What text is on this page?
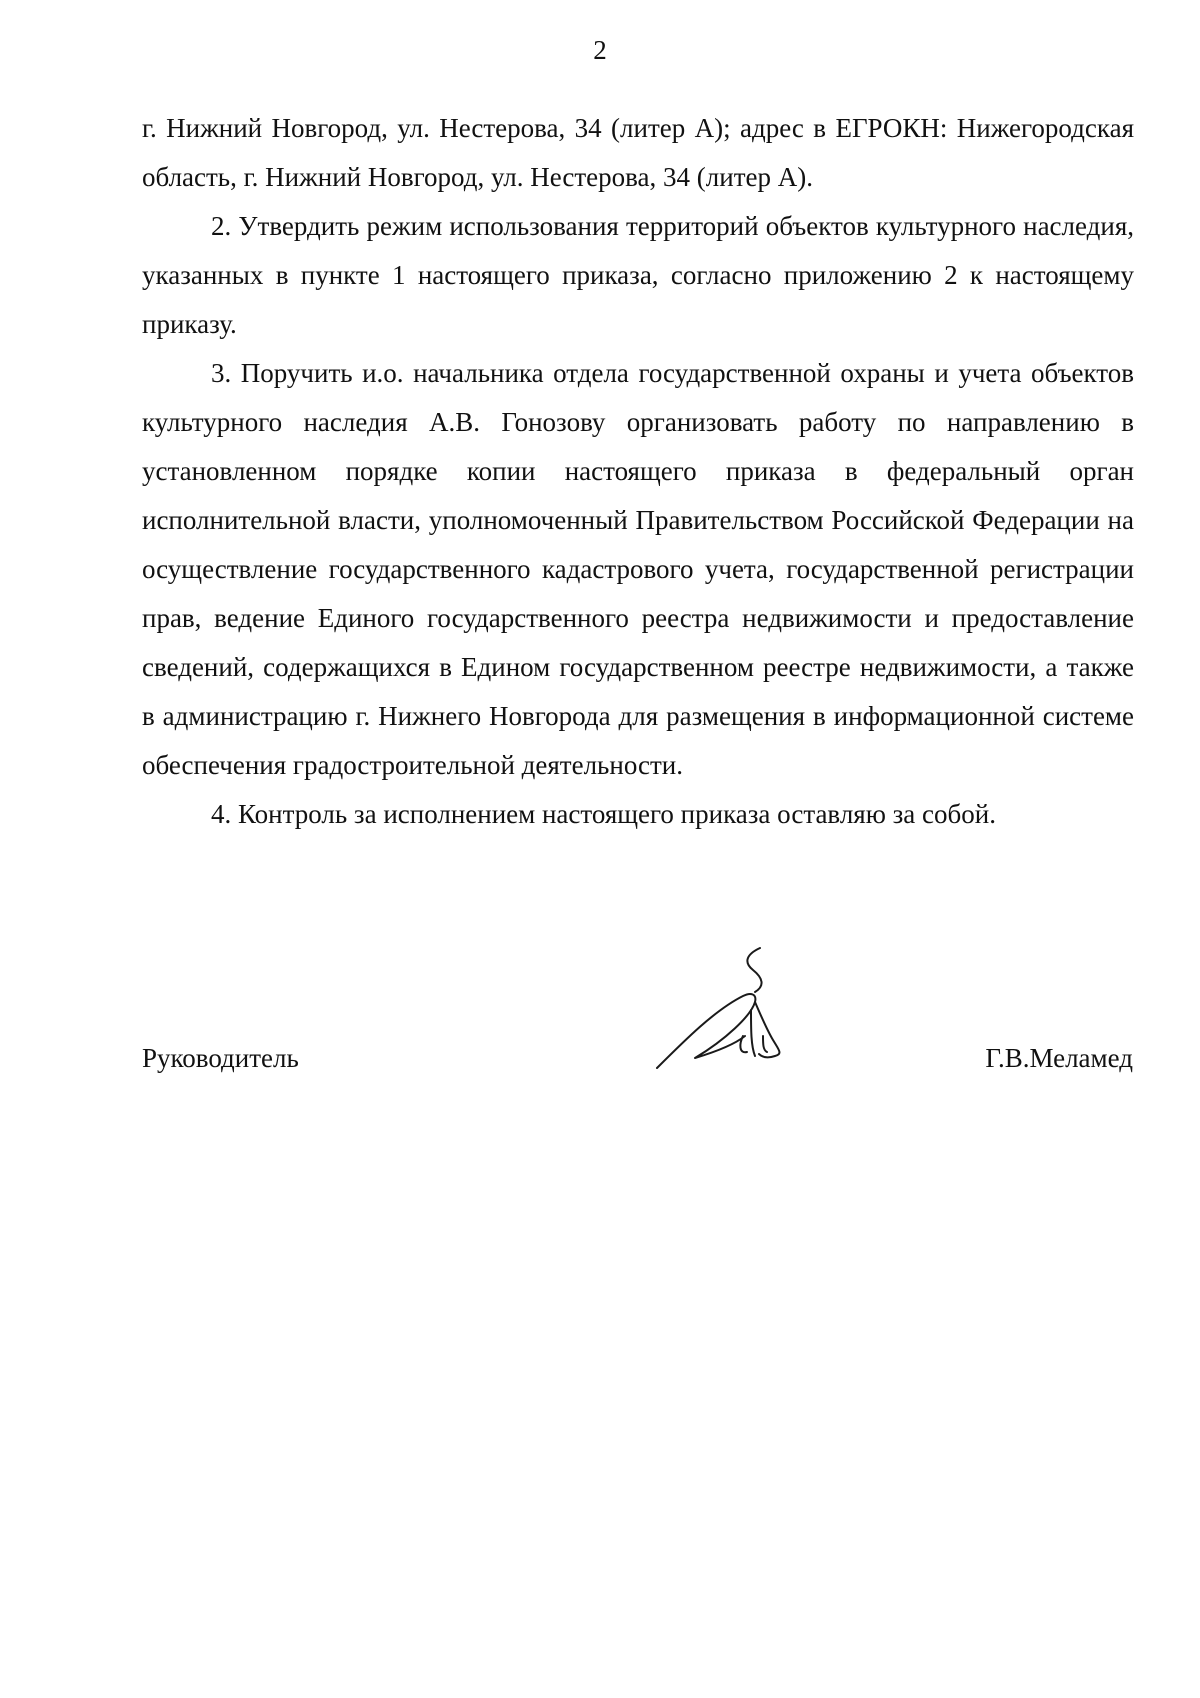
2

г. Нижний Новгород, ул. Нестерова, 34 (литер А); адрес в ЕГРОКН: Нижегородская область, г. Нижний Новгород, ул. Нестерова, 34 (литер А).

2. Утвердить режим использования территорий объектов культурного наследия, указанных в пункте 1 настоящего приказа, согласно приложению 2 к настоящему приказу.

3. Поручить и.о. начальника отдела государственной охраны и учета объектов культурного наследия А.В. Гонозову организовать работу по направлению в установленном порядке копии настоящего приказа в федеральный орган исполнительной власти, уполномоченный Правительством Российской Федерации на осуществление государственного кадастрового учета, государственной регистрации прав, ведение Единого государственного реестра недвижимости и предоставление сведений, содержащихся в Едином государственном реестре недвижимости, а также в администрацию г. Нижнего Новгорода для размещения в информационной системе обеспечения градостроительной деятельности.

4. Контроль за исполнением настоящего приказа оставляю за собой.

Руководитель	Г.В.Меламед
